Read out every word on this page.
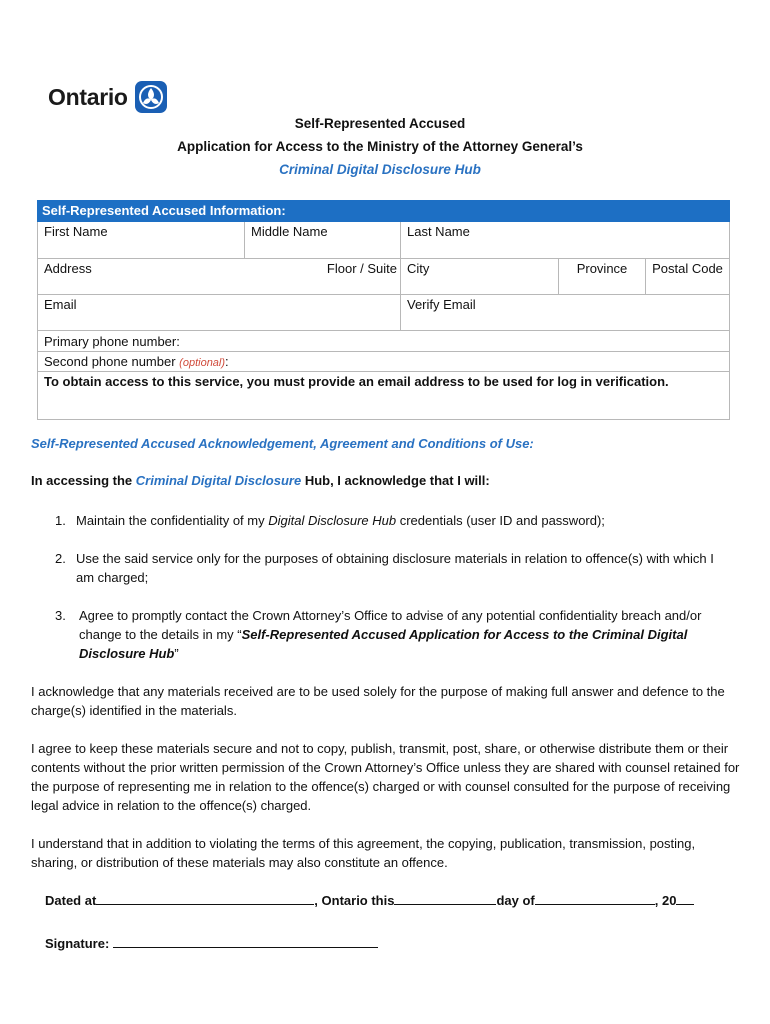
Ontario
Self-Represented Accused
Application for Access to the Ministry of the Attorney General’s
Criminal Digital Disclosure Hub
Self-Represented Accused Information:
First Name	Middle Name	Last Name
Address	Floor / Suite City	Province	Postal Code
Email	Verify Email
Primary phone number:
Second phone number (optional):
To obtain access to this service, you must provide an email address to be used for log in verification.
Self-Represented Accused Acknowledgement, Agreement and Conditions of Use:
In accessing the Criminal Digital Disclosure Hub, I acknowledge that I will:
1. Maintain the confidentiality of my Digital Disclosure Hub credentials (user ID and password);
2. Use the said service only for the purposes of obtaining disclosure materials in relation to offence(s) with which I am charged;
3. Agree to promptly contact the Crown Attorney’s Office to advise of any potential confidentiality breach and/or change to the details in my “Self-Represented Accused Application for Access to the Criminal Digital Disclosure Hub”
I acknowledge that any materials received are to be used solely for the purpose of making full answer and defence to the charge(s) identified in the materials.
I agree to keep these materials secure and not to copy, publish, transmit, post, share, or otherwise distribute them or their contents without the prior written permission of the Crown Attorney’s Office unless they are shared with counsel retained for the purpose of representing me in relation to the offence(s) charged or with counsel consulted for the purpose of receiving legal advice in relation to the offence(s) charged.
I understand that in addition to violating the terms of this agreement, the copying, publication, transmission, posting, sharing, or distribution of these materials may also constitute an offence.
Dated at	, Ontario this	day of	, 20
Signature:
